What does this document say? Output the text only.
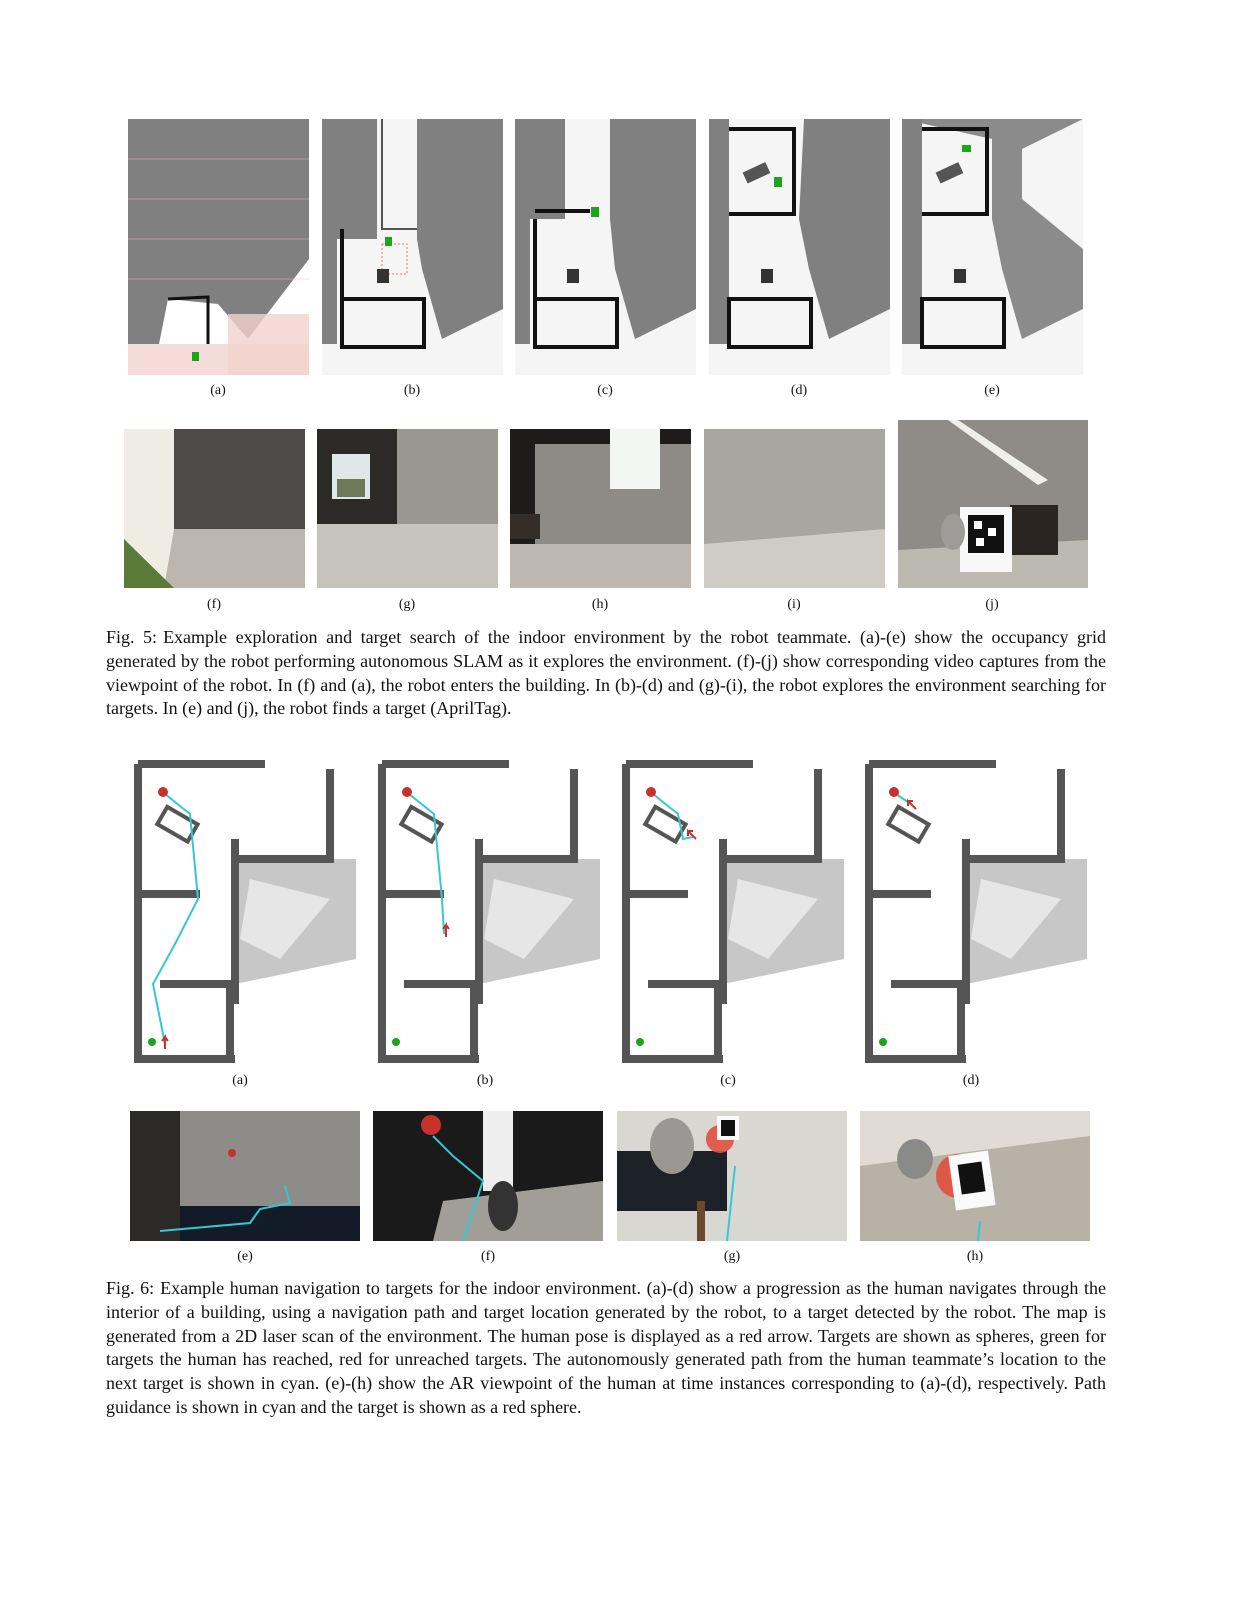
(a)	(b)	(c)	(d)	(e)
(f)	(g)	(h)	(i)	(j)
Fig. 5: Example exploration and target search of the indoor environment by the robot teammate. (a)-(e) show the occupancy grid generated by the robot performing autonomous SLAM as it explores the environment. (f)-(j) show corresponding video captures from the viewpoint of the robot. In (f) and (a), the robot enters the building. In (b)-(d) and (g)-(i), the robot explores the environment searching for targets. In (e) and (j), the robot finds a target (AprilTag).
(a)	(b)	(c)	(d)
(e)	(f)	(g)	(h)
Fig. 6: Example human navigation to targets for the indoor environment. (a)-(d) show a progression as the human navigates through the interior of a building, using a navigation path and target location generated by the robot, to a target detected by the robot. The map is generated from a 2D laser scan of the environment. The human pose is displayed as a red arrow. Targets are shown as spheres, green for targets the human has reached, red for unreached targets. The autonomously generated path from the human teammate’s location to the next target is shown in cyan. (e)-(h) show the AR viewpoint of the human at time instances corresponding to (a)-(d), respectively. Path guidance is shown in cyan and the target is shown as a red sphere.
